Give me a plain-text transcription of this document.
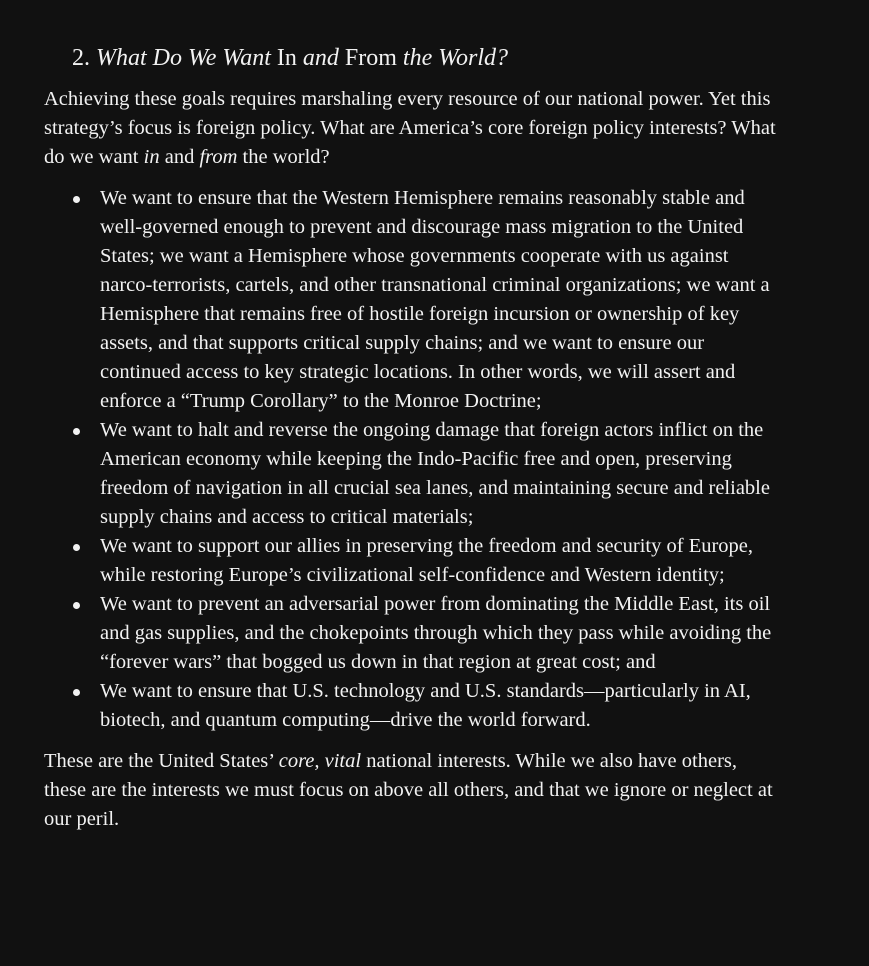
2. What Do We Want In and From the World?

Achieving these goals requires marshaling every resource of our national power. Yet this strategy’s focus is foreign policy. What are America’s core foreign policy interests? What do we want in and from the world?

We want to ensure that the Western Hemisphere remains reasonably stable and well-governed enough to prevent and discourage mass migration to the United States; we want a Hemisphere whose governments cooperate with us against narco-terrorists, cartels, and other transnational criminal organizations; we want a Hemisphere that remains free of hostile foreign incursion or ownership of key assets, and that supports critical supply chains; and we want to ensure our continued access to key strategic locations. In other words, we will assert and enforce a “Trump Corollary” to the Monroe Doctrine;
We want to halt and reverse the ongoing damage that foreign actors inflict on the American economy while keeping the Indo-Pacific free and open, preserving freedom of navigation in all crucial sea lanes, and maintaining secure and reliable supply chains and access to critical materials;
We want to support our allies in preserving the freedom and security of Europe, while restoring Europe’s civilizational self-confidence and Western identity;
We want to prevent an adversarial power from dominating the Middle East, its oil and gas supplies, and the chokepoints through which they pass while avoiding the “forever wars” that bogged us down in that region at great cost; and
We want to ensure that U.S. technology and U.S. standards—particularly in AI, biotech, and quantum computing—drive the world forward.

These are the United States’ core, vital national interests. While we also have others, these are the interests we must focus on above all others, and that we ignore or neglect at our peril.
